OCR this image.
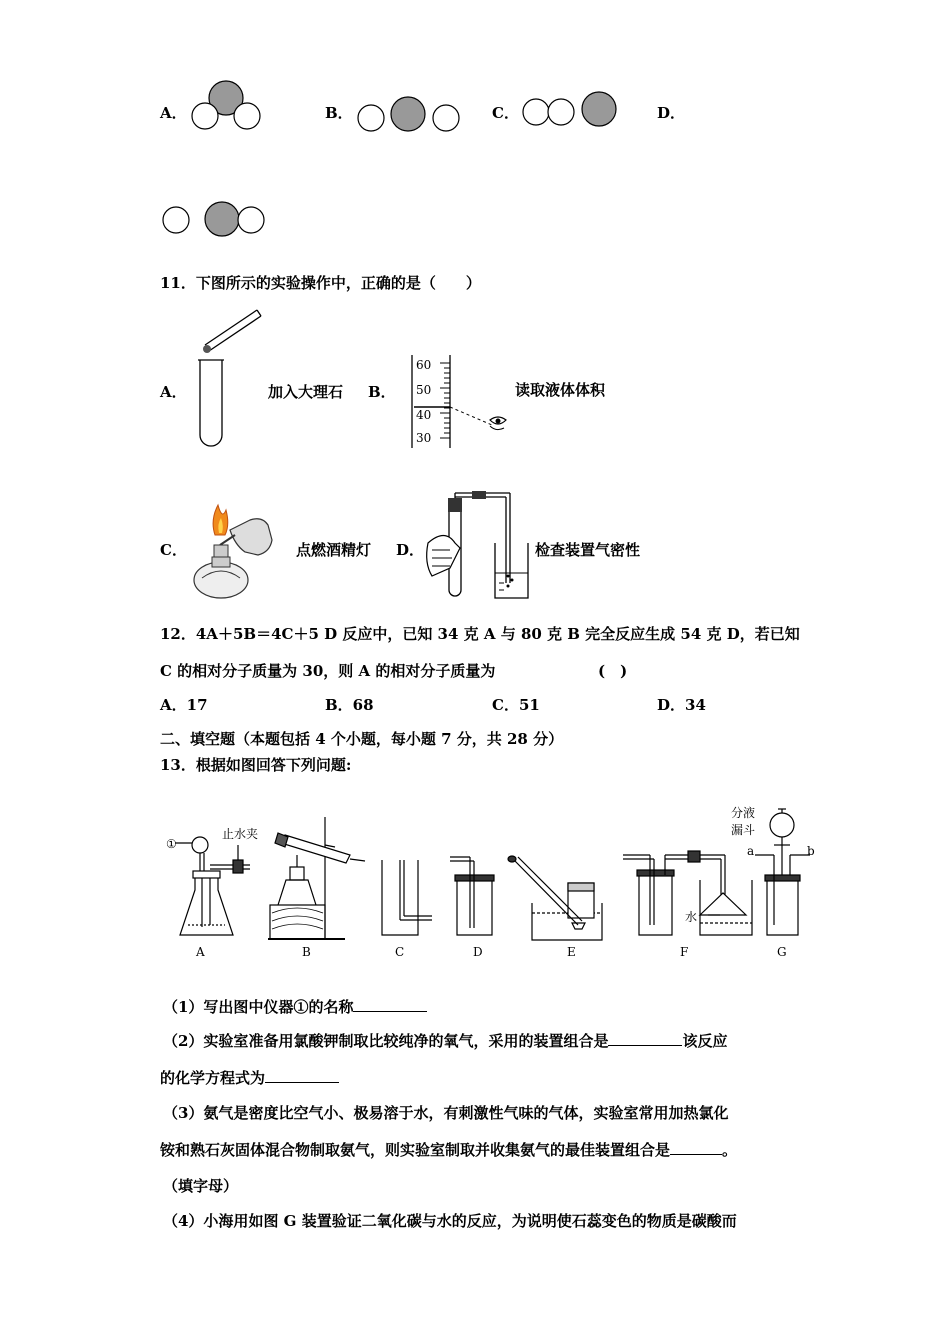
A．	B．	C．	D．
11．下图所示的实验操作中，正确的是（　　）
A．	加入大理石 B．
60
50
40
30
读取液体体积
C．	点燃酒精灯 D．	检查装置气密性
12．4A＋5B＝4C＋5 D 反应中，已知 34 克 A 与 80 克 B 完全反应生成 54 克 D，若已知
C 的相对分子质量为 30，则 A 的相对分子质量为	(　)
A．17	B．68	C．51	D．34
二、填空题（本题包括 4 个小题，每小题 7 分，共 28 分）
13．根据如图回答下列问题:
①
止水夹
分液
漏斗
水
a	b
A	B	C	D	E	F	G
（1）写出图中仪器①的名称
（2）实验室准备用氯酸钾制取比较纯净的氧气，采用的装置组合是	该反应
的化学方程式为
（3）氨气是密度比空气小、极易溶于水，有刺激性气味的气体，实验室常用加热氯化
铵和熟石灰固体混合物制取氨气，则实验室制取并收集氨气的最佳装置组合是	。
（填字母）
（4）小海用如图 G 装置验证二氧化碳与水的反应，为说明使石蕊变色的物质是碳酸而
